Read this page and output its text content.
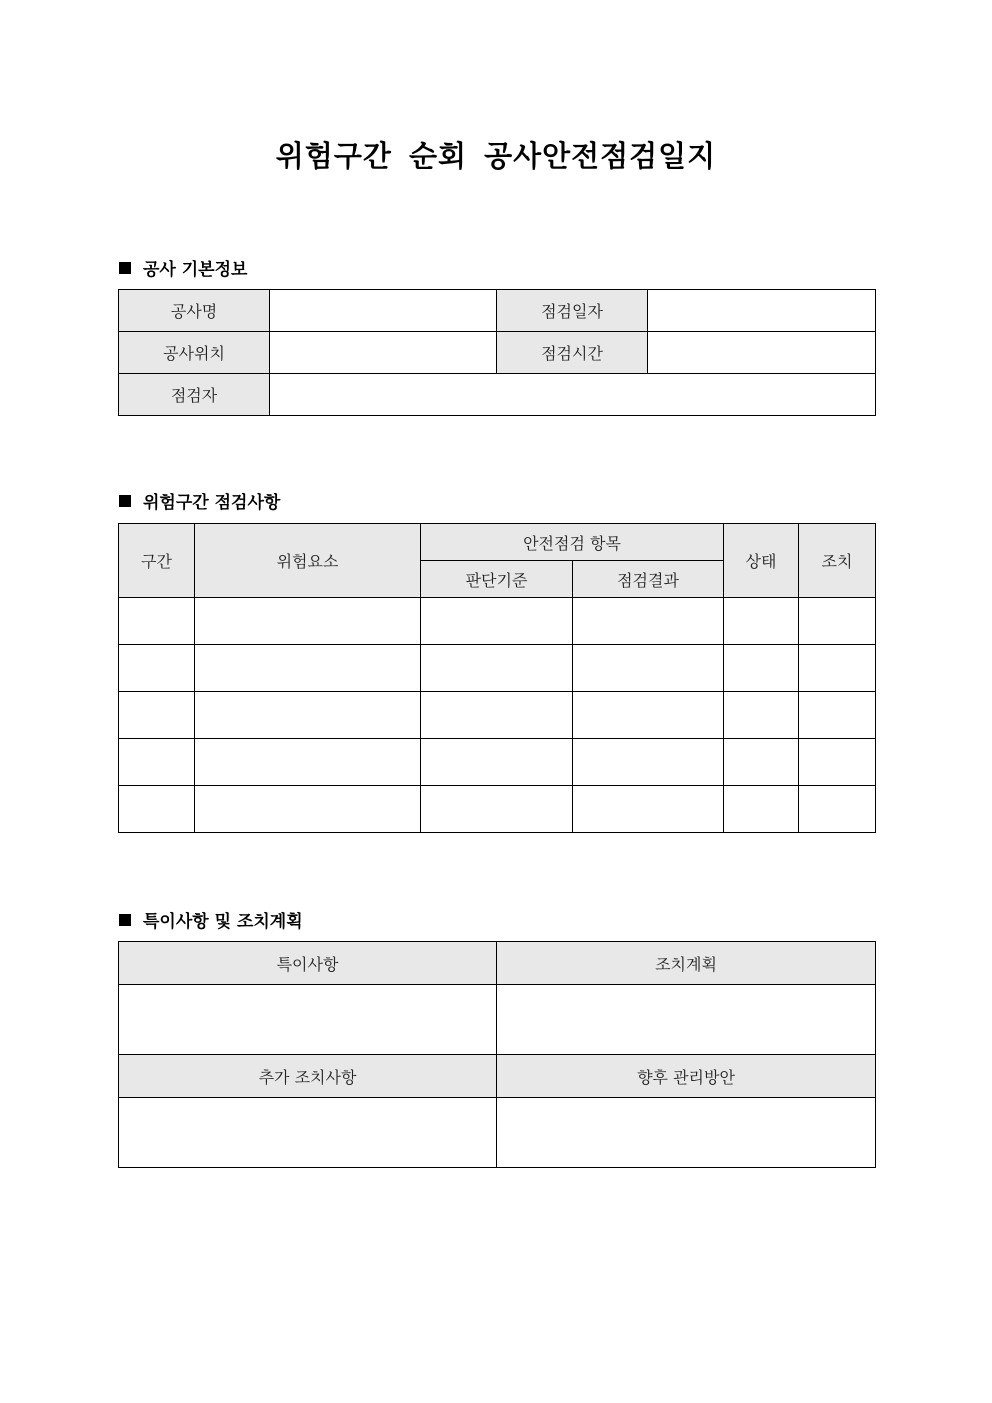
위험구간 순회 공사안전점검일지
공사 기본정보
공사명		점검일자	
공사위치		점검시간	
점검자			
위험구간 점검사항
구간	위험요소	안전점검 항목		상태	조치
		판단기준	점검결과		

특이사항 및 조치계획
특이사항	조치계획

추가 조치사항	향후 관리방안
